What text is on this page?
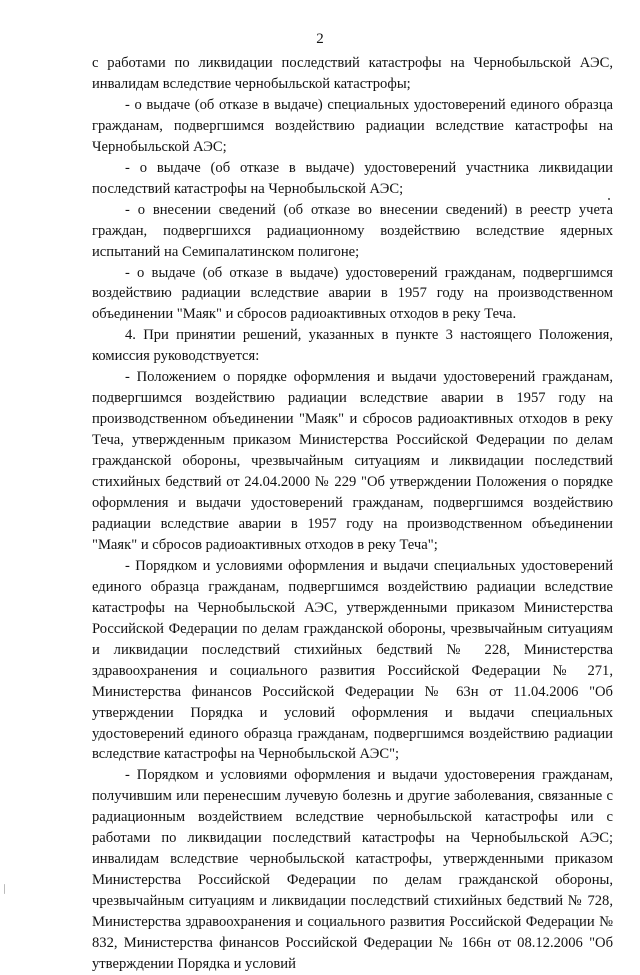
2

с работами по ликвидации последствий катастрофы на Чернобыльской АЭС, инвалидам вследствие чернобыльской катастрофы;

- о выдаче (об отказе в выдаче) специальных удостоверений единого образца гражданам, подвергшимся воздействию радиации вследствие катастрофы на Чернобыльской АЭС;

- о выдаче (об отказе в выдаче) удостоверений участника ликвидации последствий катастрофы на Чернобыльской АЭС;

- о внесении сведений (об отказе во внесении сведений) в реестр учета граждан, подвергшихся радиационному воздействию вследствие ядерных испытаний на Семипалатинском полигоне;

- о выдаче (об отказе в выдаче) удостоверений гражданам, подвергшимся воздействию радиации вследствие аварии в 1957 году на производственном объединении "Маяк" и сбросов радиоактивных отходов в реку Теча.

4. При принятии решений, указанных в пункте 3 настоящего Положения, комиссия руководствуется:

- Положением о порядке оформления и выдачи удостоверений гражданам, подвергшимся воздействию радиации вследствие аварии в 1957 году на производственном объединении "Маяк" и сбросов радиоактивных отходов в реку Теча, утвержденным приказом Министерства Российской Федерации по делам гражданской обороны, чрезвычайным ситуациям и ликвидации последствий стихийных бедствий от 24.04.2000 № 229 "Об утверждении Положения о порядке оформления и выдачи удостоверений гражданам, подвергшимся воздействию радиации вследствие аварии в 1957 году на производственном объединении "Маяк" и сбросов радиоактивных отходов в реку Теча";

- Порядком и условиями оформления и выдачи специальных удостоверений единого образца гражданам, подвергшимся воздействию радиации вследствие катастрофы на Чернобыльской АЭС, утвержденными приказом Министерства Российской Федерации по делам гражданской обороны, чрезвычайным ситуациям и ликвидации последствий стихийных бедствий № 228, Министерства здравоохранения и социального развития Российской Федерации № 271, Министерства финансов Российской Федерации № 63н от 11.04.2006 "Об утверждении Порядка и условий оформления и выдачи специальных удостоверений единого образца гражданам, подвергшимся воздействию радиации вследствие катастрофы на Чернобыльской АЭС";

- Порядком и условиями оформления и выдачи удостоверения гражданам, получившим или перенесшим лучевую болезнь и другие заболевания, связанные с радиационным воздействием вследствие чернобыльской катастрофы или с работами по ликвидации последствий катастрофы на Чернобыльской АЭС; инвалидам вследствие чернобыльской катастрофы, утвержденными приказом Министерства Российской Федерации по делам гражданской обороны, чрезвычайным ситуациям и ликвидации последствий стихийных бедствий № 728, Министерства здравоохранения и социального развития Российской Федерации № 832, Министерства финансов Российской Федерации № 166н от 08.12.2006 "Об утверждении Порядка и условий
